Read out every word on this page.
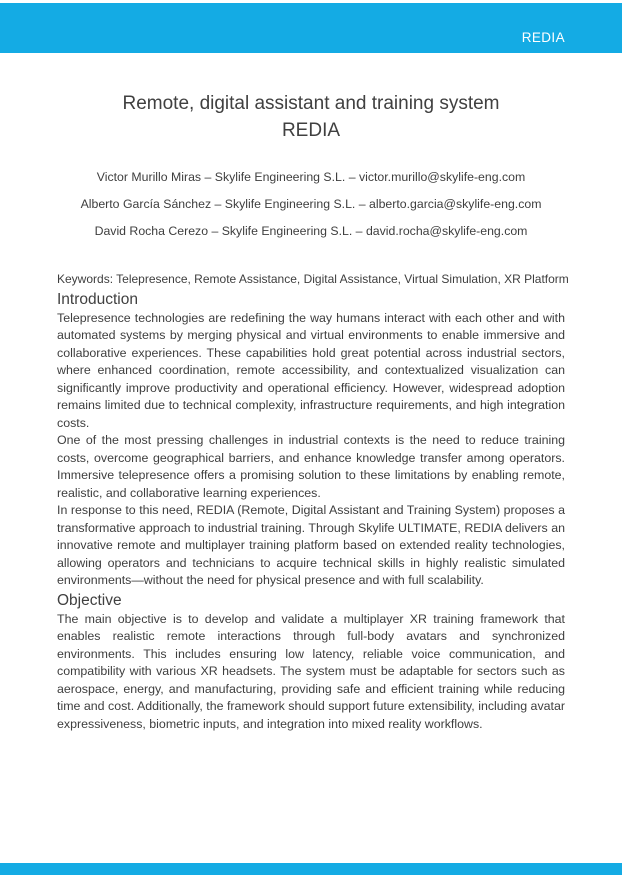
REDIA
Remote, digital assistant and training system
REDIA
Victor Murillo Miras – Skylife Engineering S.L. – victor.murillo@skylife-eng.com
Alberto García Sánchez – Skylife Engineering S.L. – alberto.garcia@skylife-eng.com
David Rocha Cerezo – Skylife Engineering S.L. – david.rocha@skylife-eng.com

Keywords: Telepresence, Remote Assistance, Digital Assistance, Virtual Simulation, XR Platform

Introduction

Telepresence technologies are redefining the way humans interact with each other and with automated systems by merging physical and virtual environments to enable immersive and collaborative experiences. These capabilities hold great potential across industrial sectors, where enhanced coordination, remote accessibility, and contextualized visualization can significantly improve productivity and operational efficiency. However, widespread adoption remains limited due to technical complexity, infrastructure requirements, and high integration costs.

One of the most pressing challenges in industrial contexts is the need to reduce training costs, overcome geographical barriers, and enhance knowledge transfer among operators. Immersive telepresence offers a promising solution to these limitations by enabling remote, realistic, and collaborative learning experiences.

In response to this need, REDIA (Remote, Digital Assistant and Training System) proposes a transformative approach to industrial training. Through Skylife ULTIMATE, REDIA delivers an innovative remote and multiplayer training platform based on extended reality technologies, allowing operators and technicians to acquire technical skills in highly realistic simulated environments—without the need for physical presence and with full scalability.

Objective

The main objective is to develop and validate a multiplayer XR training framework that enables realistic remote interactions through full-body avatars and synchronized environments. This includes ensuring low latency, reliable voice communication, and compatibility with various XR headsets. The system must be adaptable for sectors such as aerospace, energy, and manufacturing, providing safe and efficient training while reducing time and cost. Additionally, the framework should support future extensibility, including avatar expressiveness, biometric inputs, and integration into mixed reality workflows.
